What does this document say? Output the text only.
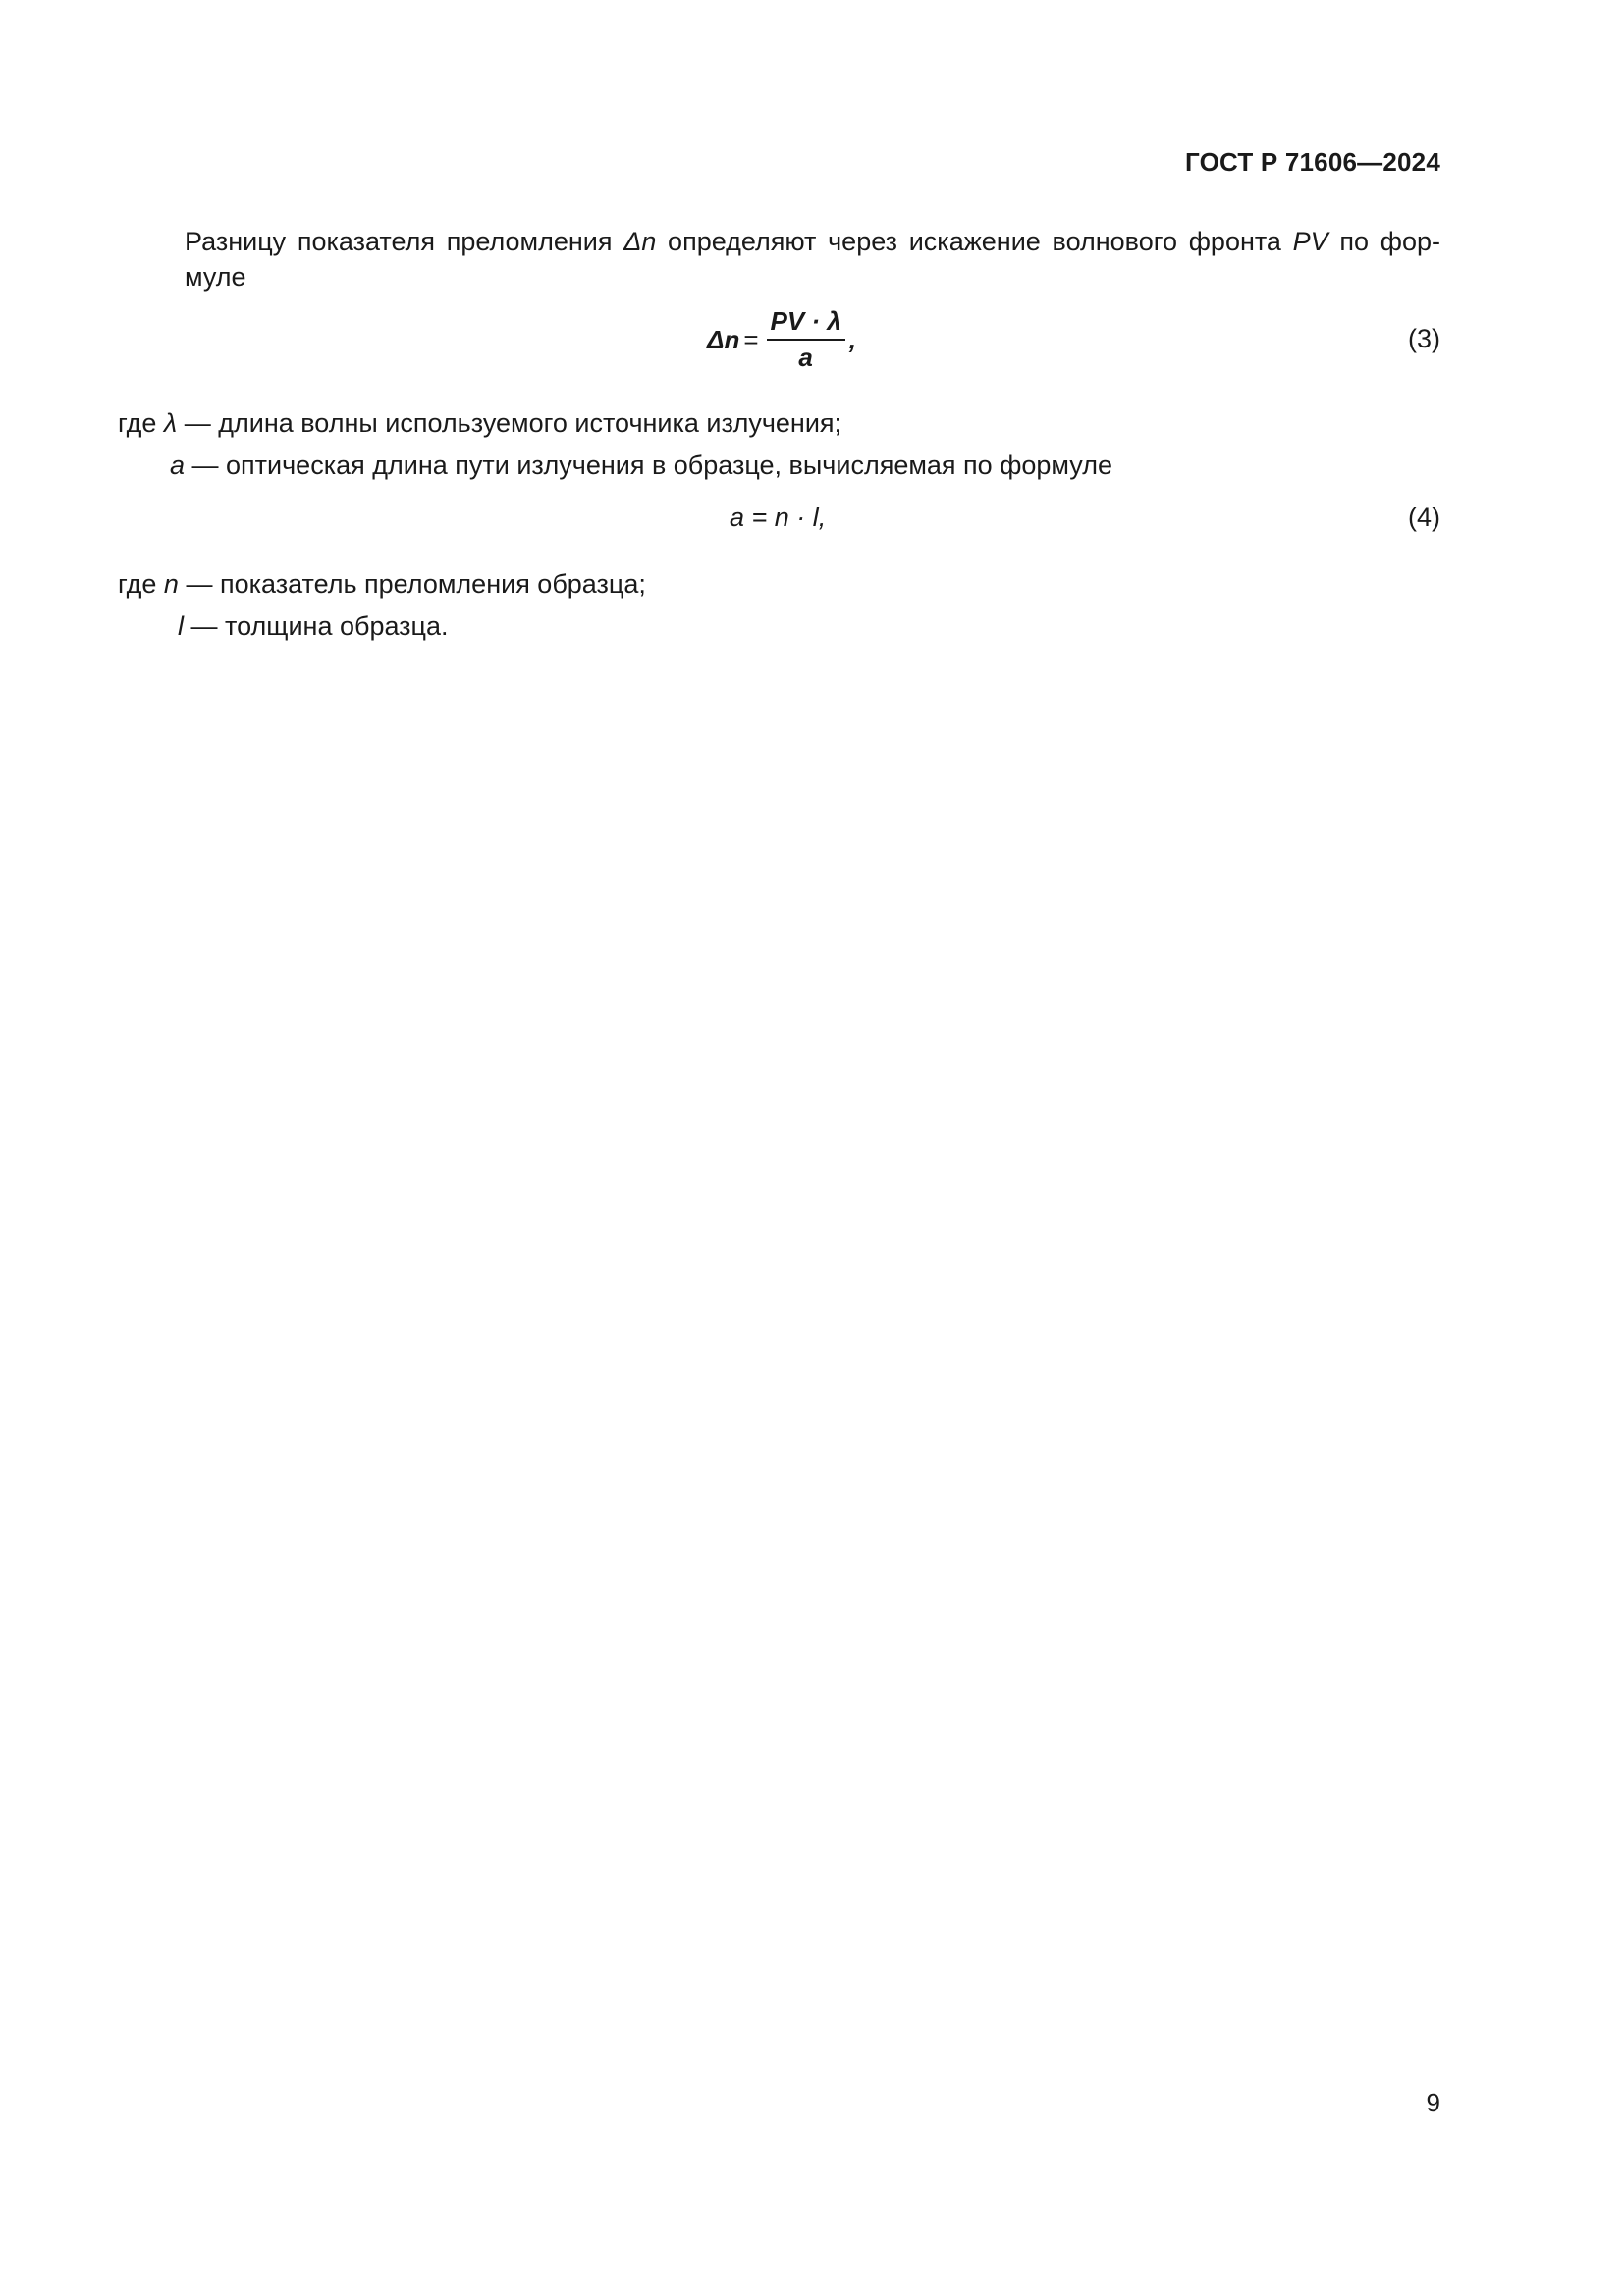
ГОСТ Р 71606—2024
Разницу показателя преломления Δn определяют через искажение волнового фронта PV по фор-муле
$\Delta n = \frac{PV \cdot \lambda}{a}$ ,	(3)
где λ — длина волны используемого источника излучения;
a — оптическая длина пути излучения в образце, вычисляемая по формуле
a = n · l,	(4)
где n — показатель преломления образца;
l — толщина образца.
9
